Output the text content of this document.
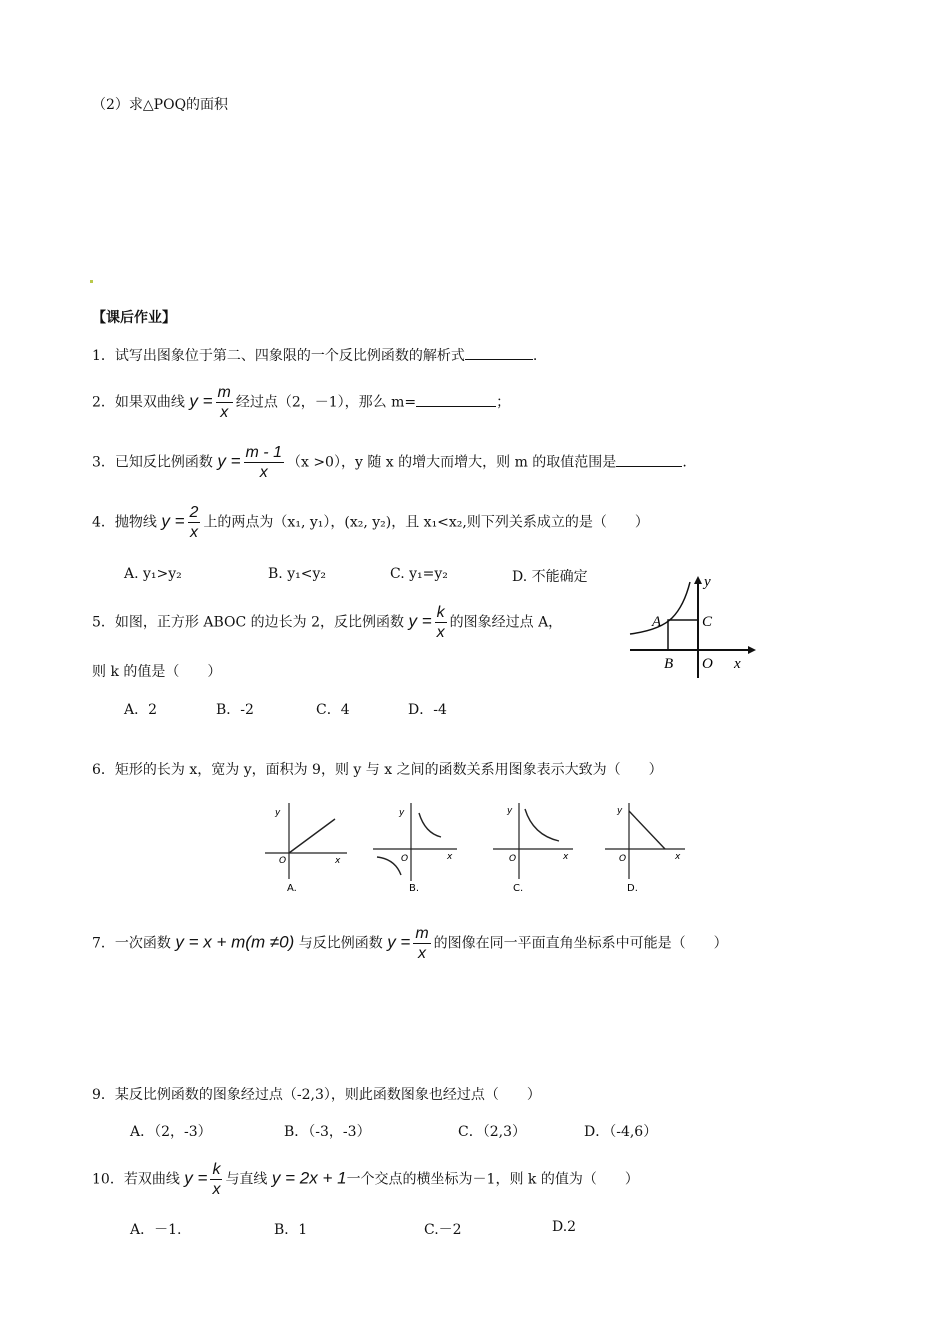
（2）求△POQ的面积
【课后作业】
1．试写出图象位于第二、四象限的一个反比例函数的解析式	.
2．如果双曲线 $y = \frac{m}{x}$ 经过点（2，－1），那么 m=	；
3．已知反比例函数 $y = \frac{m - 1}{x} (x >0)$，y 随 x 的增大而增大，则 m 的取值范围是	.
4．抛物线 $y = \frac{2}{x}$ 上的两点为（x₁, y₁），(x₂, y₂)，且 x₁<x₂,则下列关系成立的是（　　）
A. y₁>y₂	B. y₁<y₂	C. y₁=y₂	D. 不能确定
5．如图，正方形 ABOC 的边长为 2，反比例函数 $y = \frac{k}{x}$ 的图象经过点 A，
则 k 的值是（　　）
A．2	B．-2	C．4	D．-4
A	C
B O x
y
6．矩形的长为 x，宽为 y，面积为 9，则 y 与 x 之间的函数关系用图象表示大致为（　　）
y
O	x
A.
y
O	x
B.
y
O	x
C.
y
O	x
D.
7．一次函数 y = x + m(m ≠0) 与反比例函数 $y = \frac{m}{x}$ 的图像在同一平面直角坐标系中可能是（　　）
9．某反比例函数的图象经过点（-2,3），则此函数图象也经过点（　　）
A．（2，-3）	B．（-3，-3）	C．（2,3）	D．（-4,6）
10．若双曲线 $y = \frac{k}{x}$ 与直线 y = 2x + 1一个交点的横坐标为－1，则 k 的值为（　　）
A．－1.	B．1	C.－2	D.2
